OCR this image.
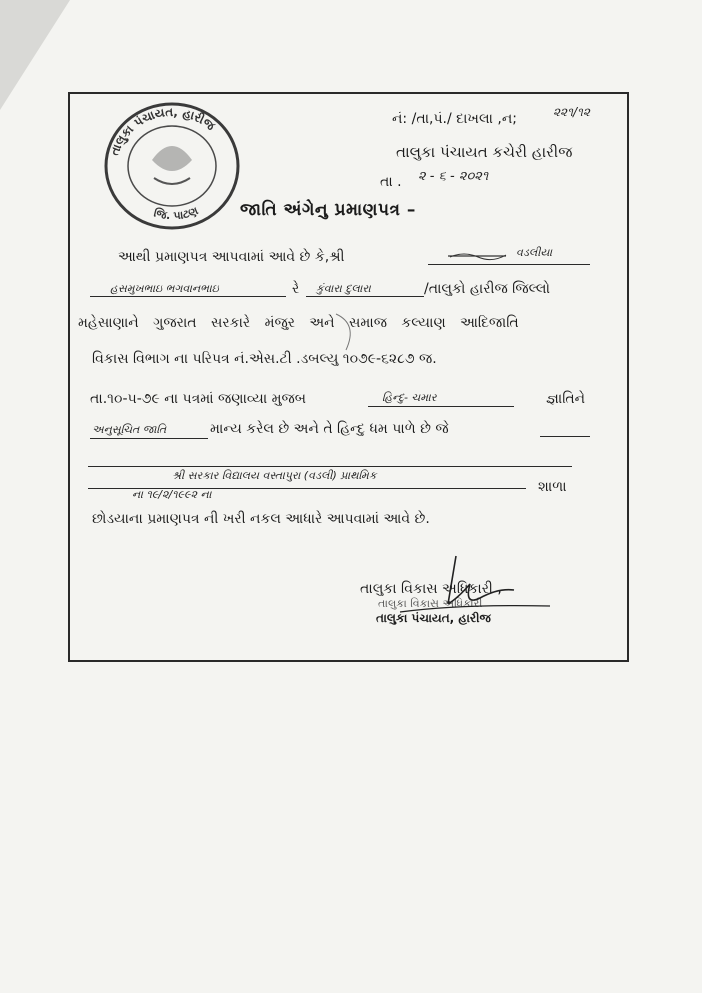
તાલુકા પંચાયત, હારીજ
જિ. પાટણ
નં: /તા,પં./ દાખલા ,ન;	૨૨૧/૧૨
તાલુકા પંચાયત કચેરી હારીજ
તા . ૨ - ૬ - ૨૦૨૧
જાતિ અંગેનુ પ્રમાણપત્ર –
આથી પ્રમાણપત્ર આપવામાં આવે છે કે,શ્રી	વડલીયા
હસમુખભાઇ ભગવાનભાઇ	રે કુંવારા દુલારા	/તાલુકો હારીજ જિલ્લો
મહેસાણાને ગુજરાત સરકારે મંજુર અને સમાજ કલ્યાણ આદિજાતિ
વિકાસ વિભાગ ના પરિપત્ર નં.એસ.ટી .ડબલ્યુ ૧૦૭૯-૬૨૮૭ જ.
તા.૧૦-૫-૭૯ ના પત્રમાં જણાવ્યા મુજબ	હિન્દુ- ચમાર	જ્ઞાતિને
અનુસૂચિત જાતિ	માન્ય કરેલ છે અને તે હિન્દુ ધમ પાળે છે જે
શ્રી સરકાર વિદ્યાલય વસ્તાપુરા (વડલી) પ્રાથમિક
ના ૧૯/૨/૧૯૯૨ ના	શાળા
છોડયાના પ્રમાણપત્ર ની ખરી નકલ આધારે આપવામાં આવે છે.
તાલુકા વિકાસ અધિકારી ,
તાલુકા વિકાસ અધિકારી
તાલુકા પંચાયત, હારીજ
